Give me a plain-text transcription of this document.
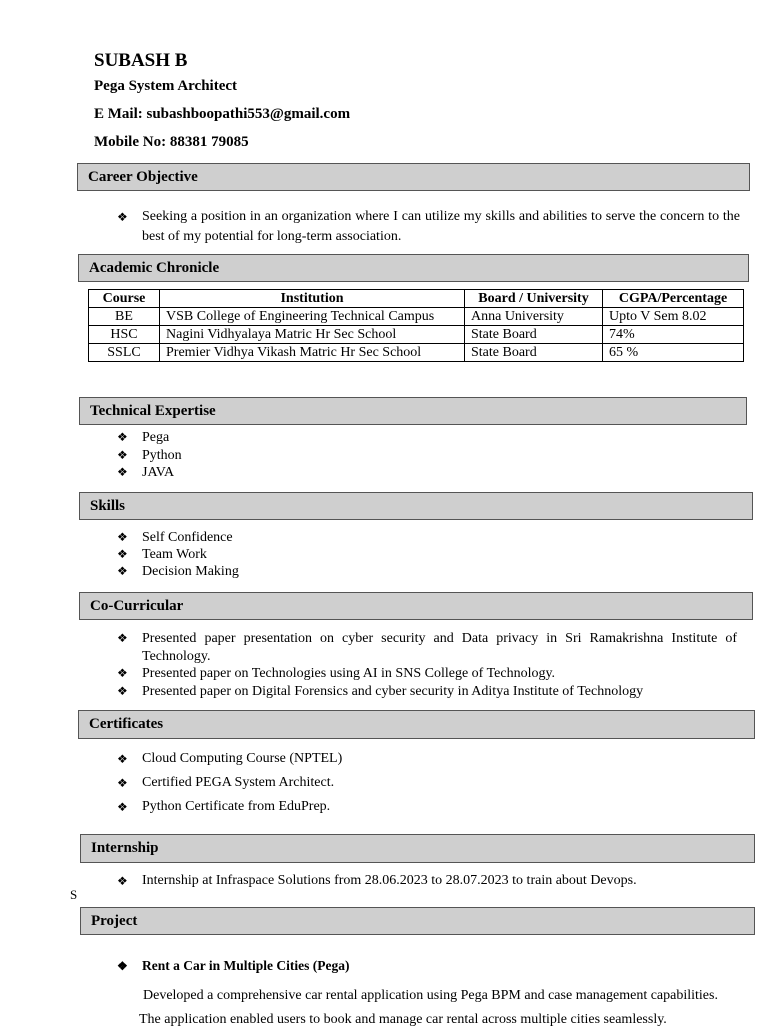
SUBASH B
Pega System Architect
E Mail: subashboopathi553@gmail.com
Mobile No: 88381 79085
Career Objective
❖ Seeking a position in an organization where I can utilize my skills and abilities to serve the concern to the best of my potential for long-term association.
Academic Chronicle
Course	Institution	Board / University	CGPA/Percentage
BE	VSB College of Engineering Technical Campus	Anna University	Upto V Sem 8.02
HSC	Nagini Vidhyalaya Matric Hr Sec School	State Board	74%
SSLC	Premier Vidhya Vikash Matric Hr Sec School	State Board	65 %
Technical Expertise
❖ Pega
❖ Python
❖ JAVA
Skills
❖ Self Confidence
❖ Team Work
❖ Decision Making
Co-Curricular
❖ Presented paper presentation on cyber security and Data privacy in Sri Ramakrishna Institute of Technology.
❖ Presented paper on Technologies using AI in SNS College of Technology.
❖ Presented paper on Digital Forensics and cyber security in Aditya Institute of Technology
Certificates
❖ Cloud Computing Course (NPTEL)
❖ Certified PEGA System Architect.
❖ Python Certificate from EduPrep.
Internship
❖ Internship at Infraspace Solutions from 28.06.2023 to 28.07.2023 to train about Devops.
S
Project
❖ Rent a Car in Multiple Cities (Pega)
Developed a comprehensive car rental application using Pega BPM and case management capabilities.
The application enabled users to book and manage car rental across multiple cities seamlessly.
